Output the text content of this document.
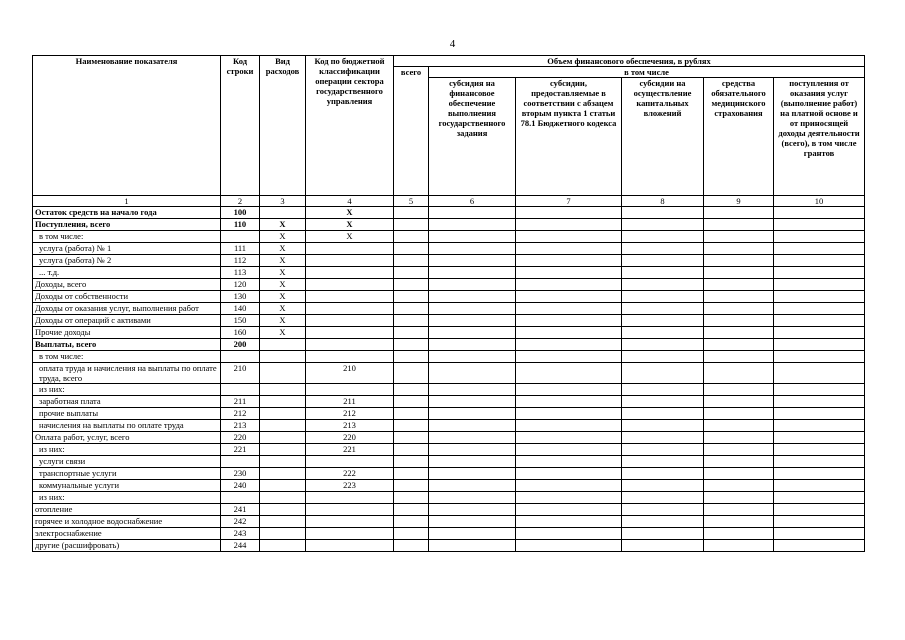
4
Наименование показателя	Код строки	Вид расходов	Код по бюджетной классификации операции сектора государственного управления	Объем финансового обеспечения, в рублях					
				всего	в том числе				
					субсидия на финансовое обеспечение выполнения государственного задания	субсидии, предоставляемые в соответствии с абзацем вторым пункта 1 статьи 78.1 Бюджетного кодекса	субсидии на осуществление капитальных вложений	средства обязательного медицинского страхования	поступления от оказания услуг (выполнение работ) на платной основе и от приносящей доходы деятельности (всего), в том числе грантов
1	2	3	4	5	6	7	8	9	10
Остаток средств на начало года	100		X						
Поступления, всего	110	X	X						
в том числе:		X	X						
услуга (работа) № 1	111	X							
услуга (работа) № 2	112	X							
... т.д.	113	X							
Доходы, всего	120	X							
Доходы от собственности	130	X							
Доходы от оказания услуг, выполнения работ	140	X							
Доходы от операций с активами	150	X							
Прочие доходы	160	X							
Выплаты, всего	200								
в том числе:									
оплата труда и начисления на выплаты по оплате труда, всего	210		210						
из них:									
заработная плата	211		211						
прочие выплаты	212		212						
начисления на выплаты по оплате труда	213		213						
Оплата работ, услуг, всего	220		220						
из них:	221		221						
услуги связи									
транспортные услуги	230		222						
коммунальные услуги	240		223						
из них:									
отопление	241								
горячее и холодное водоснабжение	242								
электроснабжение	243								
другие (расшифровать)	244								
